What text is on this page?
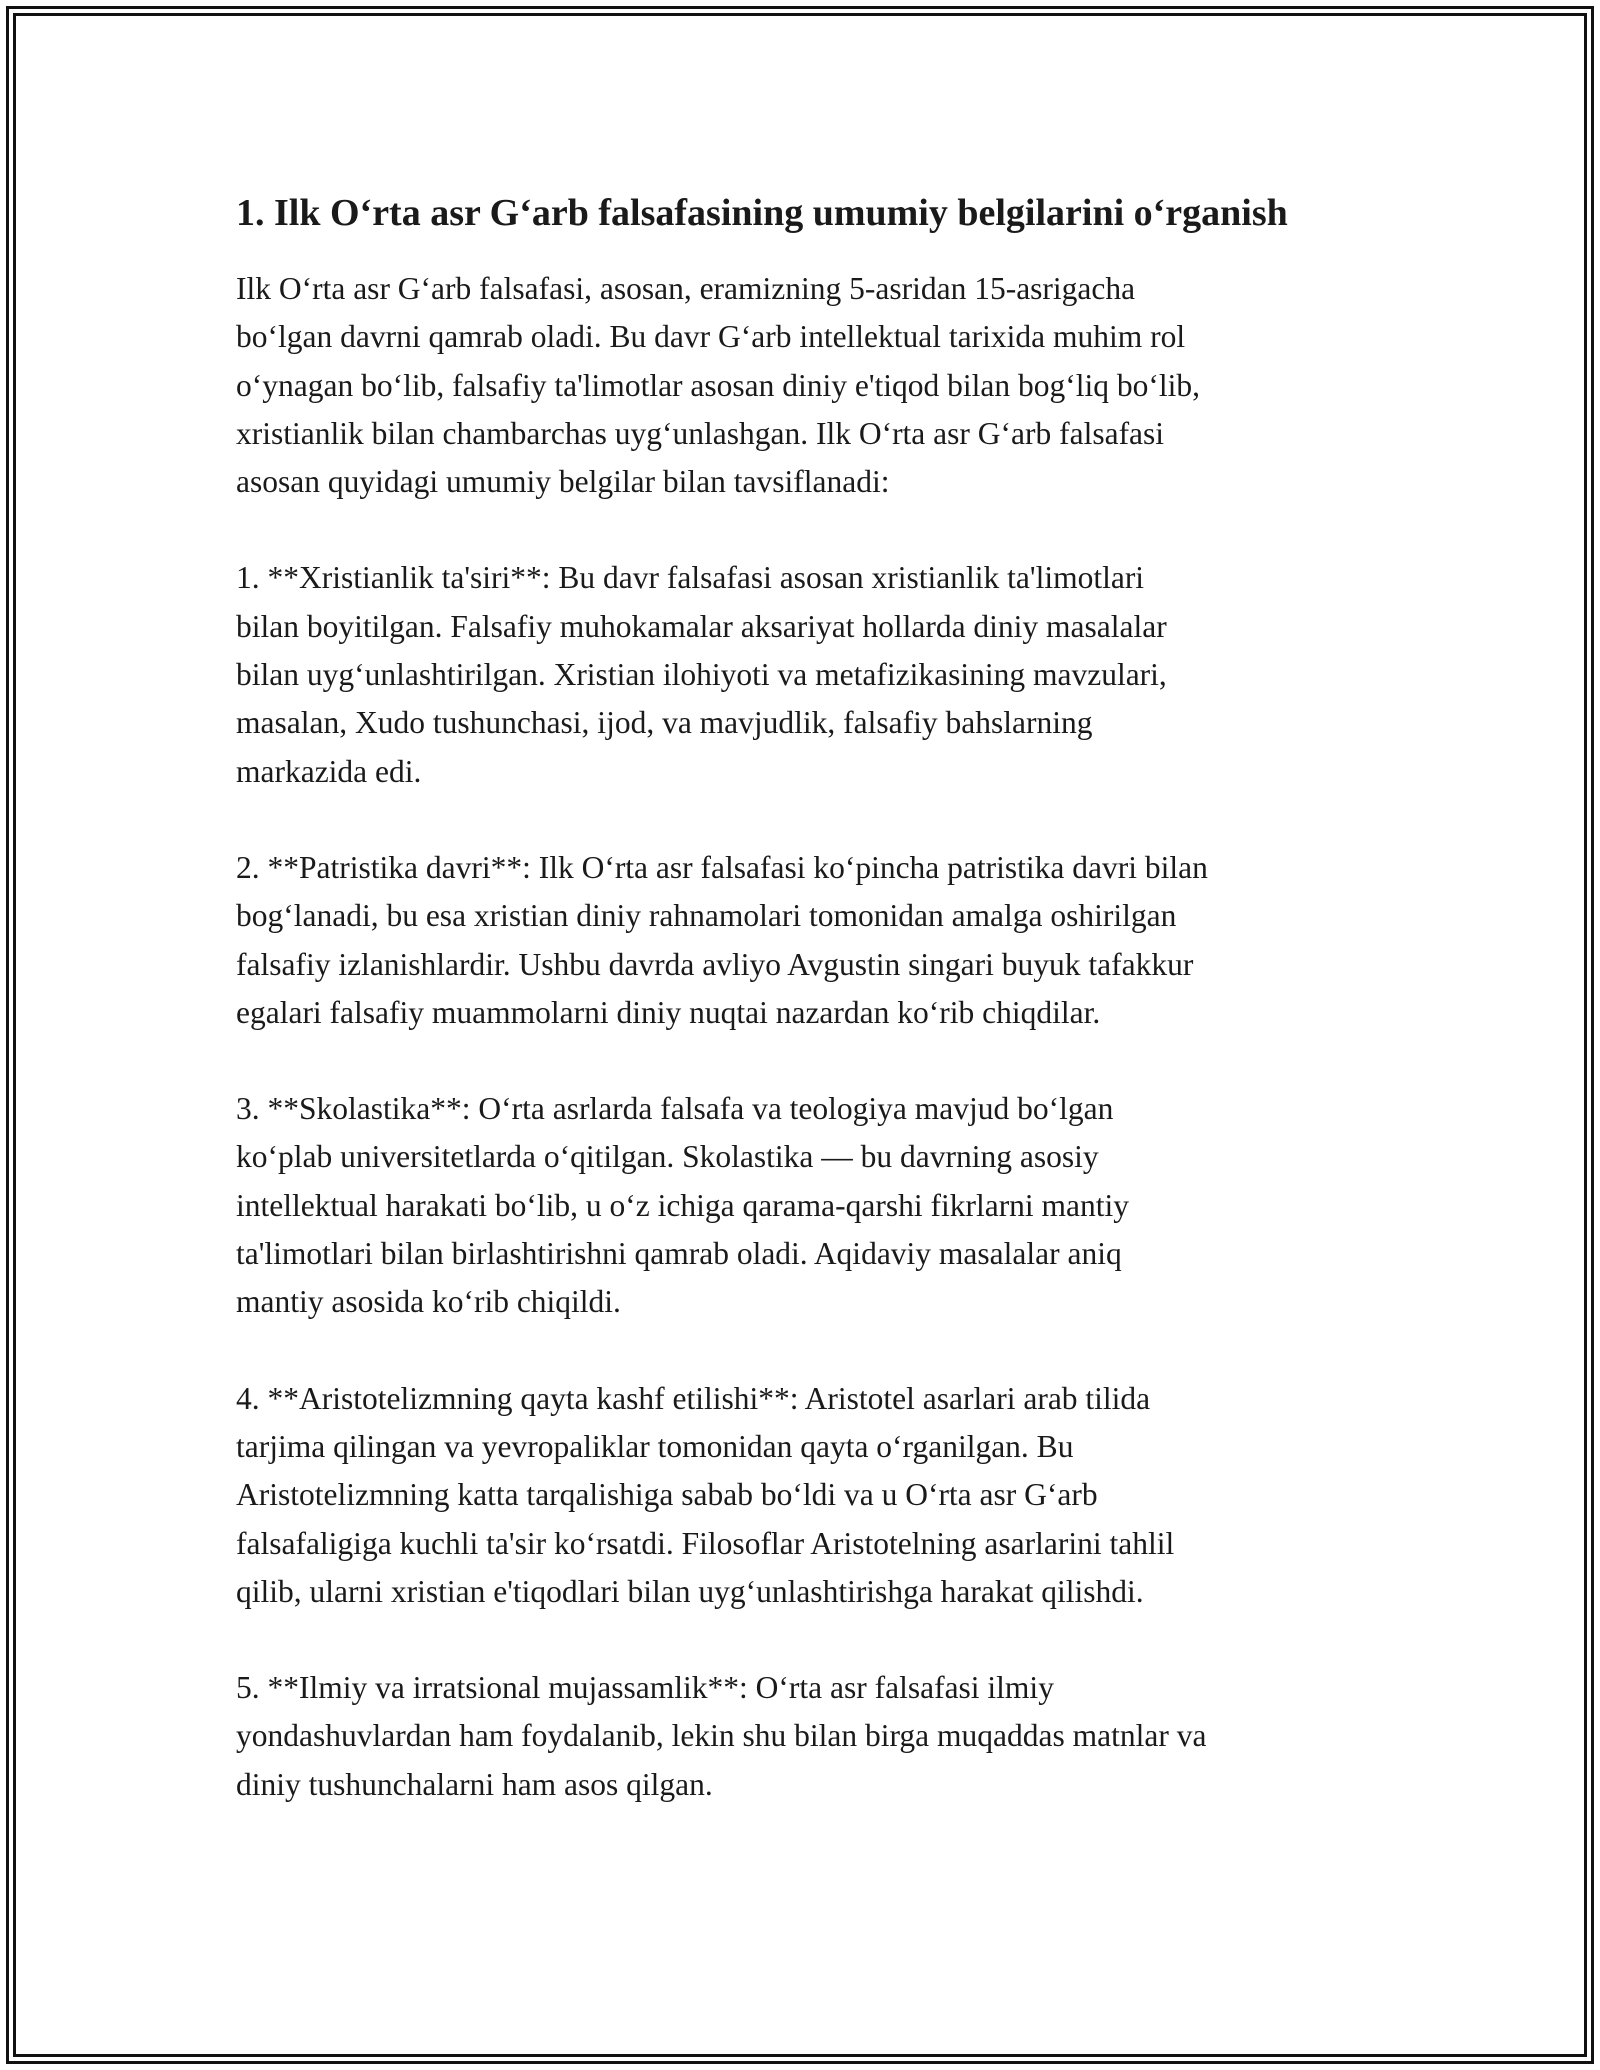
1. Ilk O‘rta asr G‘arb falsafasining umumiy belgilarini o‘rganish

Ilk O‘rta asr G‘arb falsafasi, asosan, eramizning 5-asridan 15-asrigacha
bo‘lgan davrni qamrab oladi. Bu davr G‘arb intellektual tarixida muhim rol
o‘ynagan bo‘lib, falsafiy ta'limotlar asosan diniy e'tiqod bilan bog‘liq bo‘lib,
xristianlik bilan chambarchas uyg‘unlashgan. Ilk O‘rta asr G‘arb falsafasi
asosan quyidagi umumiy belgilar bilan tavsiflanadi:

1. **Xristianlik ta'siri**: Bu davr falsafasi asosan xristianlik ta'limotlari
bilan boyitilgan. Falsafiy muhokamalar aksariyat hollarda diniy masalalar
bilan uyg‘unlashtirilgan. Xristian ilohiyoti va metafizikasining mavzulari,
masalan, Xudo tushunchasi, ijod, va mavjudlik, falsafiy bahslarning
markazida edi.

2. **Patristika davri**: Ilk O‘rta asr falsafasi ko‘pincha patristika davri bilan
bog‘lanadi, bu esa xristian diniy rahnamolari tomonidan amalga oshirilgan
falsafiy izlanishlardir. Ushbu davrda avliyo Avgustin singari buyuk tafakkur
egalari falsafiy muammolarni diniy nuqtai nazardan ko‘rib chiqdilar.

3. **Skolastika**: O‘rta asrlarda falsafa va teologiya mavjud bo‘lgan
ko‘plab universitetlarda o‘qitilgan. Skolastika — bu davrning asosiy
intellektual harakati bo‘lib, u o‘z ichiga qarama-qarshi fikrlarni mantiy
ta'limotlari bilan birlashtirishni qamrab oladi. Aqidaviy masalalar aniq
mantiy asosida ko‘rib chiqildi.

4. **Aristotelizmning qayta kashf etilishi**: Aristotel asarlari arab tilida
tarjima qilingan va yevropaliklar tomonidan qayta o‘rganilgan. Bu
Aristotelizmning katta tarqalishiga sabab bo‘ldi va u O‘rta asr G‘arb
falsafaligiga kuchli ta'sir ko‘rsatdi. Filosoflar Aristotelning asarlarini tahlil
qilib, ularni xristian e'tiqodlari bilan uyg‘unlashtirishga harakat qilishdi.

5. **Ilmiy va irratsional mujassamlik**: O‘rta asr falsafasi ilmiy
yondashuvlardan ham foydalanib, lekin shu bilan birga muqaddas matnlar va
diniy tushunchalarni ham asos qilgan.
